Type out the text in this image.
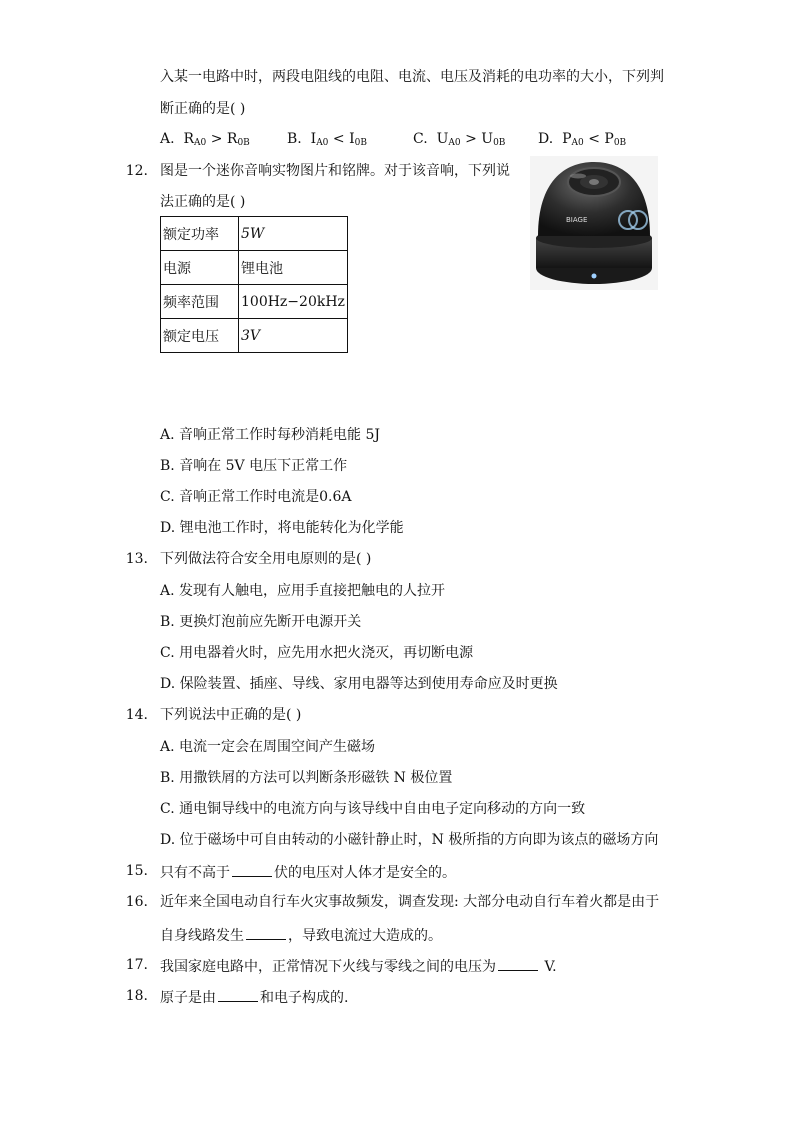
入某一电路中时，两段电阻线的电阻、电流、电压及消耗的电功率的大小，下列判
断正确的是( )
A. $R_{A0} > R_{0B}$	B. $I_{A0} < I_{0B}$	C. $U_{A0} > U_{0B}$ D. $P_{A0} < P_{0B}$
12. 图是一个迷你音响实物图片和铭牌。对于该音响，下列说
法正确的是( )
额定功率	5W
电源	锂电池
频率范围	100Hz−20kHz
额定电压	3V
BIAGE
A. 音响正常工作时每秒消耗电能 5J
B. 音响在 5V 电压下正常工作
C. 音响正常工作时电流是0.6A
D. 锂电池工作时，将电能转化为化学能
13. 下列做法符合安全用电原则的是( )
A. 发现有人触电，应用手直接把触电的人拉开
B. 更换灯泡前应先断开电源开关
C. 用电器着火时，应先用水把火浇灭，再切断电源
D. 保险装置、插座、导线、家用电器等达到使用寿命应及时更换
14. 下列说法中正确的是( )
A. 电流一定会在周围空间产生磁场
B. 用撒铁屑的方法可以判断条形磁铁 N 极位置
C. 通电铜导线中的电流方向与该导线中自由电子定向移动的方向一致
D. 位于磁场中可自由转动的小磁针静止时，N 极所指的方向即为该点的磁场方向
15. 只有不高于	伏的电压对人体才是安全的。
16. 近年来全国电动自行车火灾事故频发，调查发现: 大部分电动自行车着火都是由于
自身线路发生	，导致电流过大造成的。
17. 我国家庭电路中，正常情况下火线与零线之间的电压为	V.
18. 原子是由	和电子构成的.
